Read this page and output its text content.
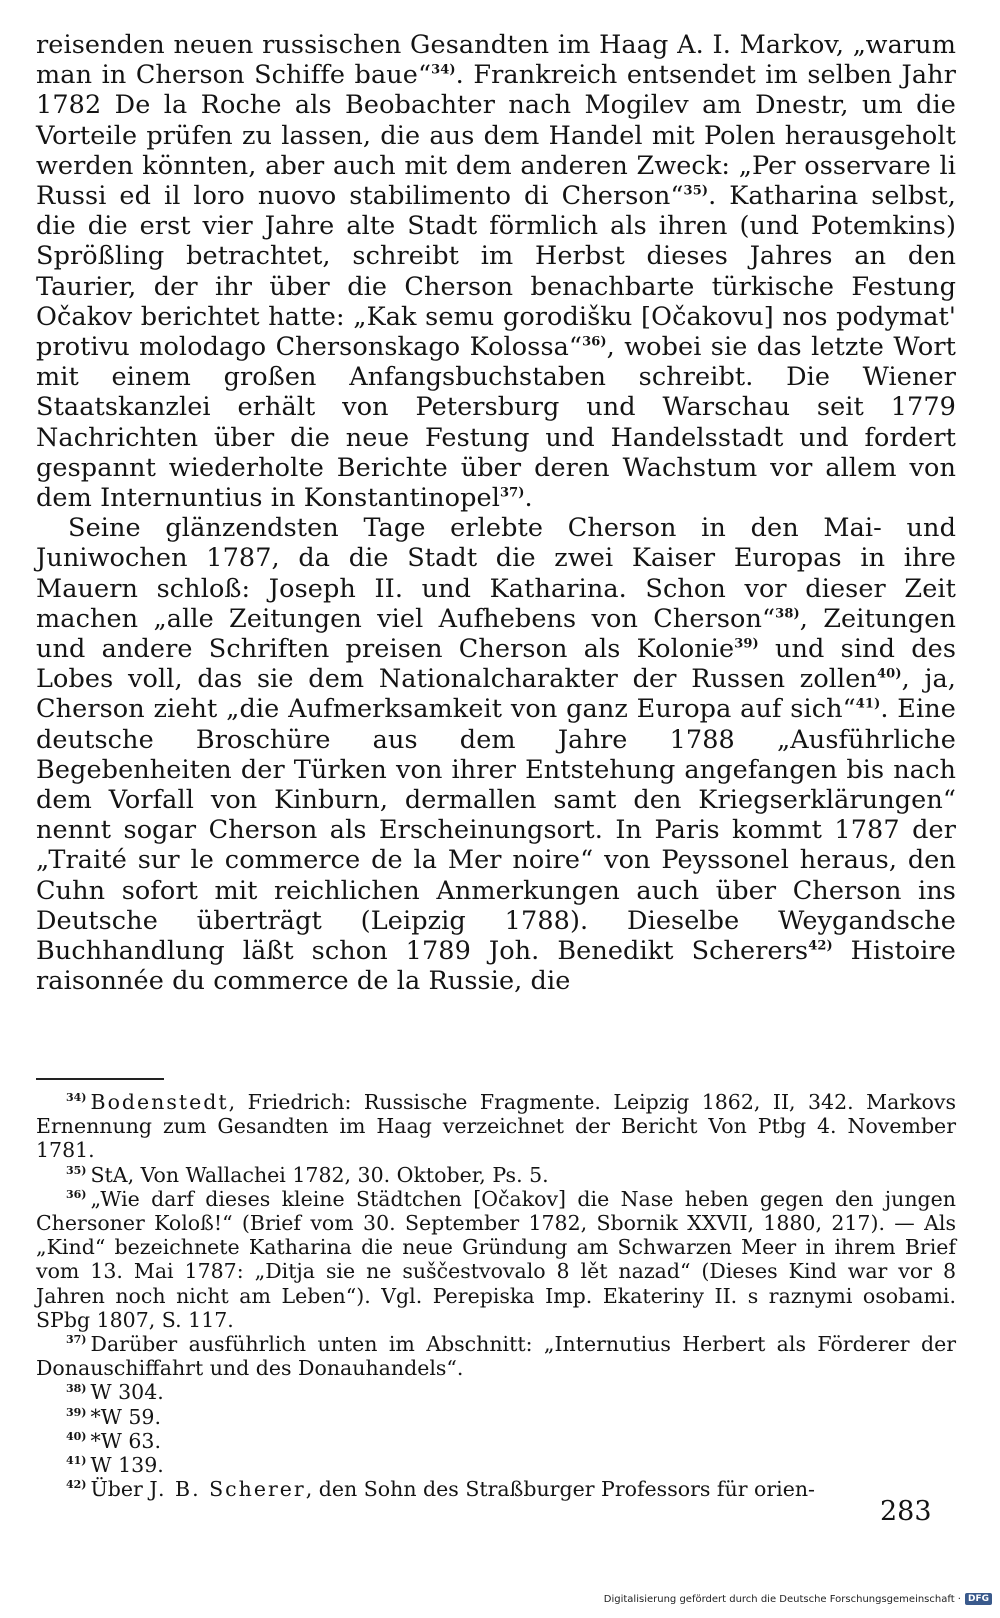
reisenden neuen russischen Gesandten im Haag A. I. Markov, „warum man in Cherson Schiffe baue“$^{34)}$. Frankreich entsendet im selben Jahr 1782 De la Roche als Beobachter nach Mogilev am Dnestr, um die Vorteile prüfen zu lassen, die aus dem Handel mit Polen herausgeholt werden könnten, aber auch mit dem anderen Zweck: „Per osservare li Russi ed il loro nuovo stabilimento di Cherson“$^{35)}$. Katharina selbst, die die erst vier Jahre alte Stadt förmlich als ihren (und Potemkins) Sprößling betrachtet, schreibt im Herbst dieses Jahres an den Taurier, der ihr über die Cherson benachbarte türkische Festung Očakov berichtet hatte: „Kak semu gorodišku [Očakovu] nos podymat' protivu molodago Chersonskago Kolossa“$^{36)}$, wobei sie das letzte Wort mit einem großen Anfangsbuchstaben schreibt. Die Wiener Staatskanzlei erhält von Petersburg und Warschau seit 1779 Nachrichten über die neue Festung und Handelsstadt und fordert gespannt wiederholte Berichte über deren Wachstum vor allem von dem Internuntius in Konstantinopel$^{37)}$.

Seine glänzendsten Tage erlebte Cherson in den Mai- und Juniwochen 1787, da die Stadt die zwei Kaiser Europas in ihre Mauern schloß: Joseph II. und Katharina. Schon vor dieser Zeit machen „alle Zeitungen viel Aufhebens von Cherson“$^{38)}$, Zeitungen und andere Schriften preisen Cherson als Kolonie$^{39)}$ und sind des Lobes voll, das sie dem Nationalcharakter der Russen zollen$^{40)}$, ja, Cherson zieht „die Aufmerksamkeit von ganz Europa auf sich“$^{41)}$. Eine deutsche Broschüre aus dem Jahre 1788 „Ausführliche Begebenheiten der Türken von ihrer Entstehung angefangen bis nach dem Vorfall von Kinburn, dermallen samt den Kriegserklärungen“ nennt sogar Cherson als Erscheinungsort. In Paris kommt 1787 der „Traité sur le commerce de la Mer noire“ von Peyssonel heraus, den Cuhn sofort mit reichlichen Anmerkungen auch über Cherson ins Deutsche überträgt (Leipzig 1788). Dieselbe Weygandsche Buchhandlung läßt schon 1789 Joh. Benedikt Scherers$^{42)}$ Histoire raisonnée du commerce de la Russie, die

$^{34)}$ Bodenstedt, Friedrich: Russische Fragmente. Leipzig 1862, II, 342. Markovs Ernennung zum Gesandten im Haag verzeichnet der Bericht Von Ptbg 4. November 1781.

$^{35)}$ StA, Von Wallachei 1782, 30. Oktober, Ps. 5.

$^{36)}$ „Wie darf dieses kleine Städtchen [Očakov] die Nase heben gegen den jungen Chersoner Koloß!“ (Brief vom 30. September 1782, Sbornik XXVII, 1880, 217). — Als „Kind“ bezeichnete Katharina die neue Gründung am Schwarzen Meer in ihrem Brief vom 13. Mai 1787: „Ditja sie ne suščestvovalo 8 lět nazad“ (Dieses Kind war vor 8 Jahren noch nicht am Leben“). Vgl. Perepiska Imp. Ekateriny II. s raznymi osobami. SPbg 1807, S. 117.

$^{37)}$ Darüber ausführlich unten im Abschnitt: „Internutius Herbert als Förderer der Donauschiffahrt und des Donauhandels“.

$^{38)}$ W 304.

$^{39)}$ *W 59.

$^{40)}$ *W 63.

$^{41)}$ W 139.

$^{42)}$ Über J. B. Scherer, den Sohn des Straßburger Professors für orien-

283
Digitalisierung gefördert durch die Deutsche Forschungsgemeinschaft · DFG
